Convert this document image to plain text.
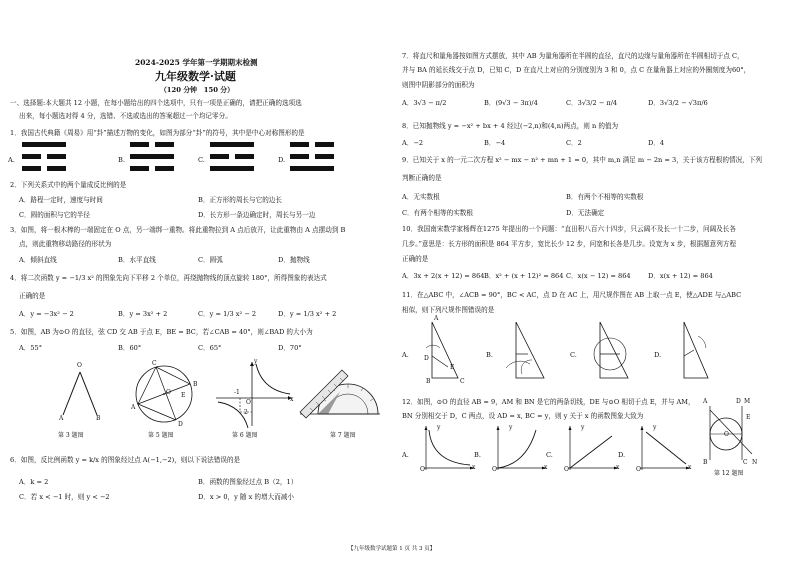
2024-2025 学年第一学期期末检测
九年级数学·试题
（120 分钟　150 分）
一、选择题:本大题共 12 小题，在每小题给出的四个选项中，只有一项是正确的，请把正确的选项选
出来，每小题选对得 4 分，选错、不选或选出的答案超过一个均记零分。
1．我国古代典籍《周易》用“卦”描述万物的变化，如图为部分“卦”的符号，其中是中心对称图形的是
A.	B.	C.	D.
2．下列关系式中的两个量成反比例的是
A．路程一定时，速度与时间	B．正方形的周长与它的边长
C．圆的面积与它的半径	D．长方形一条边确定时，周长与另一边
3．如图，将一根木棒的一端固定在 O 点，另一端绑一重物。将此重物拉到 A 点后放开，让此重物由 A 点摆动到 B
点，则此重物移动路径的形状为
A．倾斜直线	B．水平直线	C．圆弧	D．抛物线
4．将二次函数 y = −1/3 x² 的图象先向下平移 2 个单位，再绕抛物线的顶点旋转 180°，所得图象的表达式
正确的是
A．y = −3x² − 2	B．y = 3x² + 2	C．y = 1/3 x² − 2	D．y = 1/3 x² + 2
5．如图，AB 为⊙O 的直径，弦 CD 交 AB 于点 E，BE = BC，若∠CAB = 40°，则∠BAD 的大小为
A．55°	B．60°	C．65°	D．70°
O
A	B
第 3 题图
C
A
O E
B
D
第 5 题图
y
x
O
-1
2
第 6 题图	第 7 题图
6．如图，反比例函数 y = k/x 的图象经过点 A(−1,−2)，则以下说法错误的是
A．k = 2	B．函数的图象经过点 B（2，1）
C．若 x < −1 时，则 y < −2	D．x > 0，y 随 x 的增大而减小
7．将直尺和量角器按如图方式摆放，其中 AB 为量角器所在半圆的直径，直尺的边缘与量角器所在半圆相切于点 C，
并与 BA 的延长线交于点 D，已知 C，D 在直尺上对应的分别度别为 3 和 0，点 C 在量角器上对应的外圈刻度为60°，
则图中阴影部分的面积为
A．3√3 − π/2	B．(9√3 − 3π)/4	C．3√3/2 − π/4	D．3√3/2 − √3π/6
8．已知抛物线 y = −x² + bx + 4 经过(−2,n)和(4,n)两点，则 n 的值为
A．−2	B．−4	C．2	D．4
9．已知关于 x 的一元二次方程 x² − mx − n² + mn + 1 = 0，其中 m,n 满足 m − 2n = 3，关于该方程根的情况，下列
判断正确的是
A．无实数根	B．有两个不相等的实数根
C．有两个相等的实数根	D．无法确定
10．我国南宋数学家杨辉在1275 年提出的一个问题：“直田积八百六十四步，只云阔不及长一十二步，问阔及长各
几步。”意思是：长方形的面积是 864 平方步，宽比长少 12 步，问宽和长各是几步。设宽为 x 步，根据题意列方程
正确的是
A．3x + 2(x + 12) = 864 B．x² + (x + 12)² = 864 C．x(x − 12) = 864	D．x(x + 12) = 864
11．在△ABC 中，∠ACB = 90°，BC < AC，点 D 在 AC 上，用尺规作图在 AB 上取一点 E，使△ADE 与△ABC
相似，则下列尺规作图错误的是
A.	B.	C.	D.
A
B	C
E
D
12．如图，⊙O 的直径 AB = 9，AM 和 BN 是它的两条切线，DE 与⊙O 相切于点 E，并与 AM，
BN 分别相交于 D，C 两点，设 AD = x, BC = y，则 y 关于 x 的函数图象大致为
A.	B.	C.	D.
y
x
O
y
x
O
y
x
O
y
x
O
A	D M
E
O
B	C N
第 12 题图
【九年级数学试题第 1 页 共 3 页】
